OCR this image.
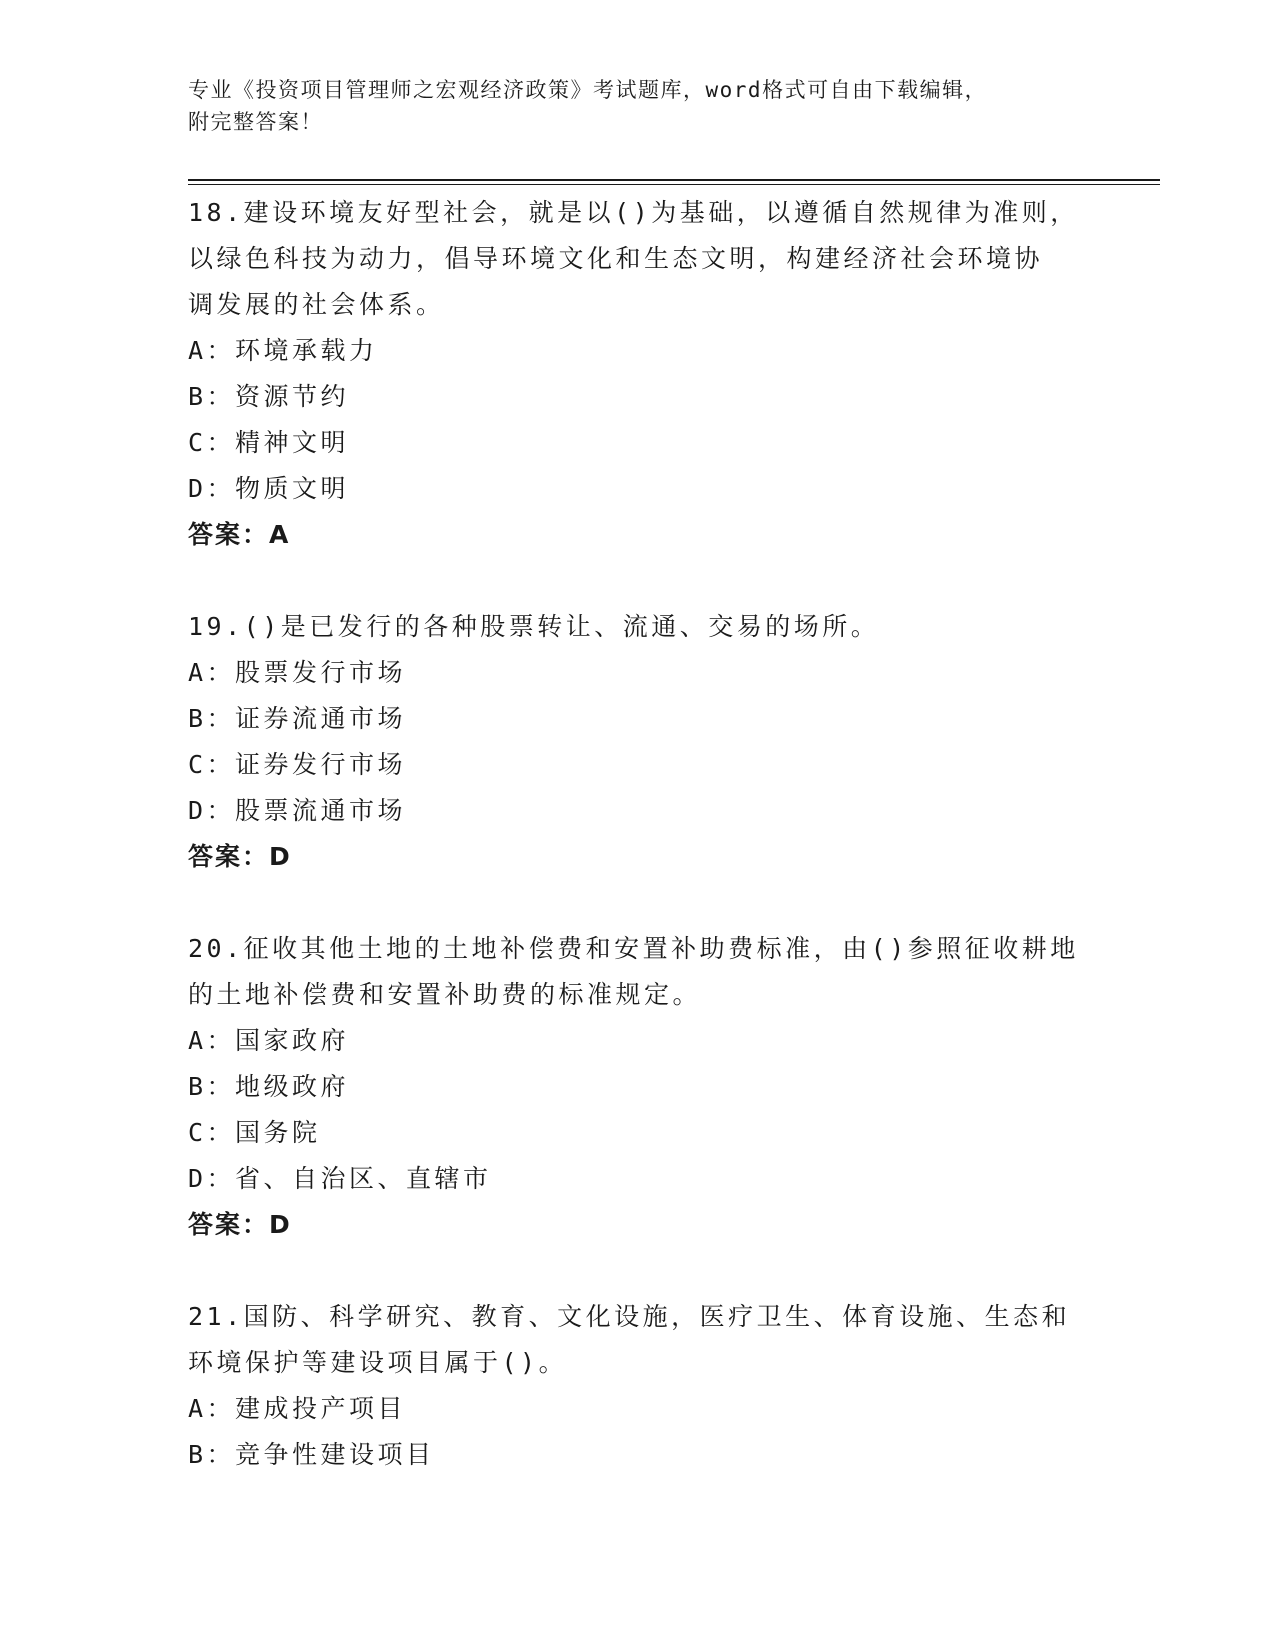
专业《投资项目管理师之宏观经济政策》考试题库，word格式可自由下载编辑，
附完整答案！
18.建设环境友好型社会，就是以()为基础，以遵循自然规律为准则，
以绿色科技为动力，倡导环境文化和生态文明，构建经济社会环境协
调发展的社会体系。
A：环境承载力
B：资源节约
C：精神文明
D：物质文明
答案：A
19.()是已发行的各种股票转让、流通、交易的场所。
A：股票发行市场
B：证券流通市场
C：证券发行市场
D：股票流通市场
答案：D
20.征收其他土地的土地补偿费和安置补助费标准，由()参照征收耕地
的土地补偿费和安置补助费的标准规定。
A：国家政府
B：地级政府
C：国务院
D：省、自治区、直辖市
答案：D
21.国防、科学研究、教育、文化设施，医疗卫生、体育设施、生态和
环境保护等建设项目属于()。
A：建成投产项目
B：竞争性建设项目
